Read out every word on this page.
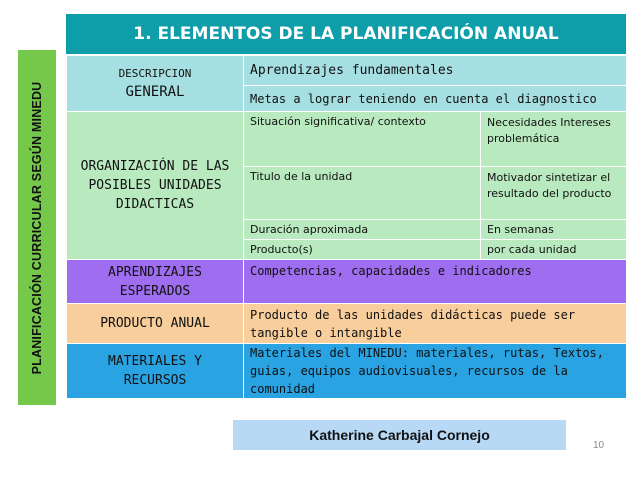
PLANIFICACIÓN CURRICULAR SEGÚN MINEDU
1. ELEMENTOS DE LA PLANIFICACIÓN ANUAL
DESCRIPCION
GENERAL	Aprendizajes fundamentales	
	Metas a lograr teniendo en cuenta el diagnostico	
ORGANIZACIÓN DE LAS POSIBLES UNIDADES DIDACTICAS	Situación significativa/ contexto	Necesidades Intereses problemática
	Titulo de la unidad	Motivador sintetizar el resultado del producto
	Duración aproximada	En semanas
	Producto(s)	por cada unidad
APRENDIZAJES ESPERADOS	Competencias, capacidades e indicadores	
PRODUCTO ANUAL	Producto de las unidades didácticas puede ser tangible o intangible	
MATERIALES Y RECURSOS	Materiales del MINEDU: materiales, rutas, Textos, guias, equipos audiovisuales, recursos de la comunidad	
Katherine Carbajal Cornejo
10
